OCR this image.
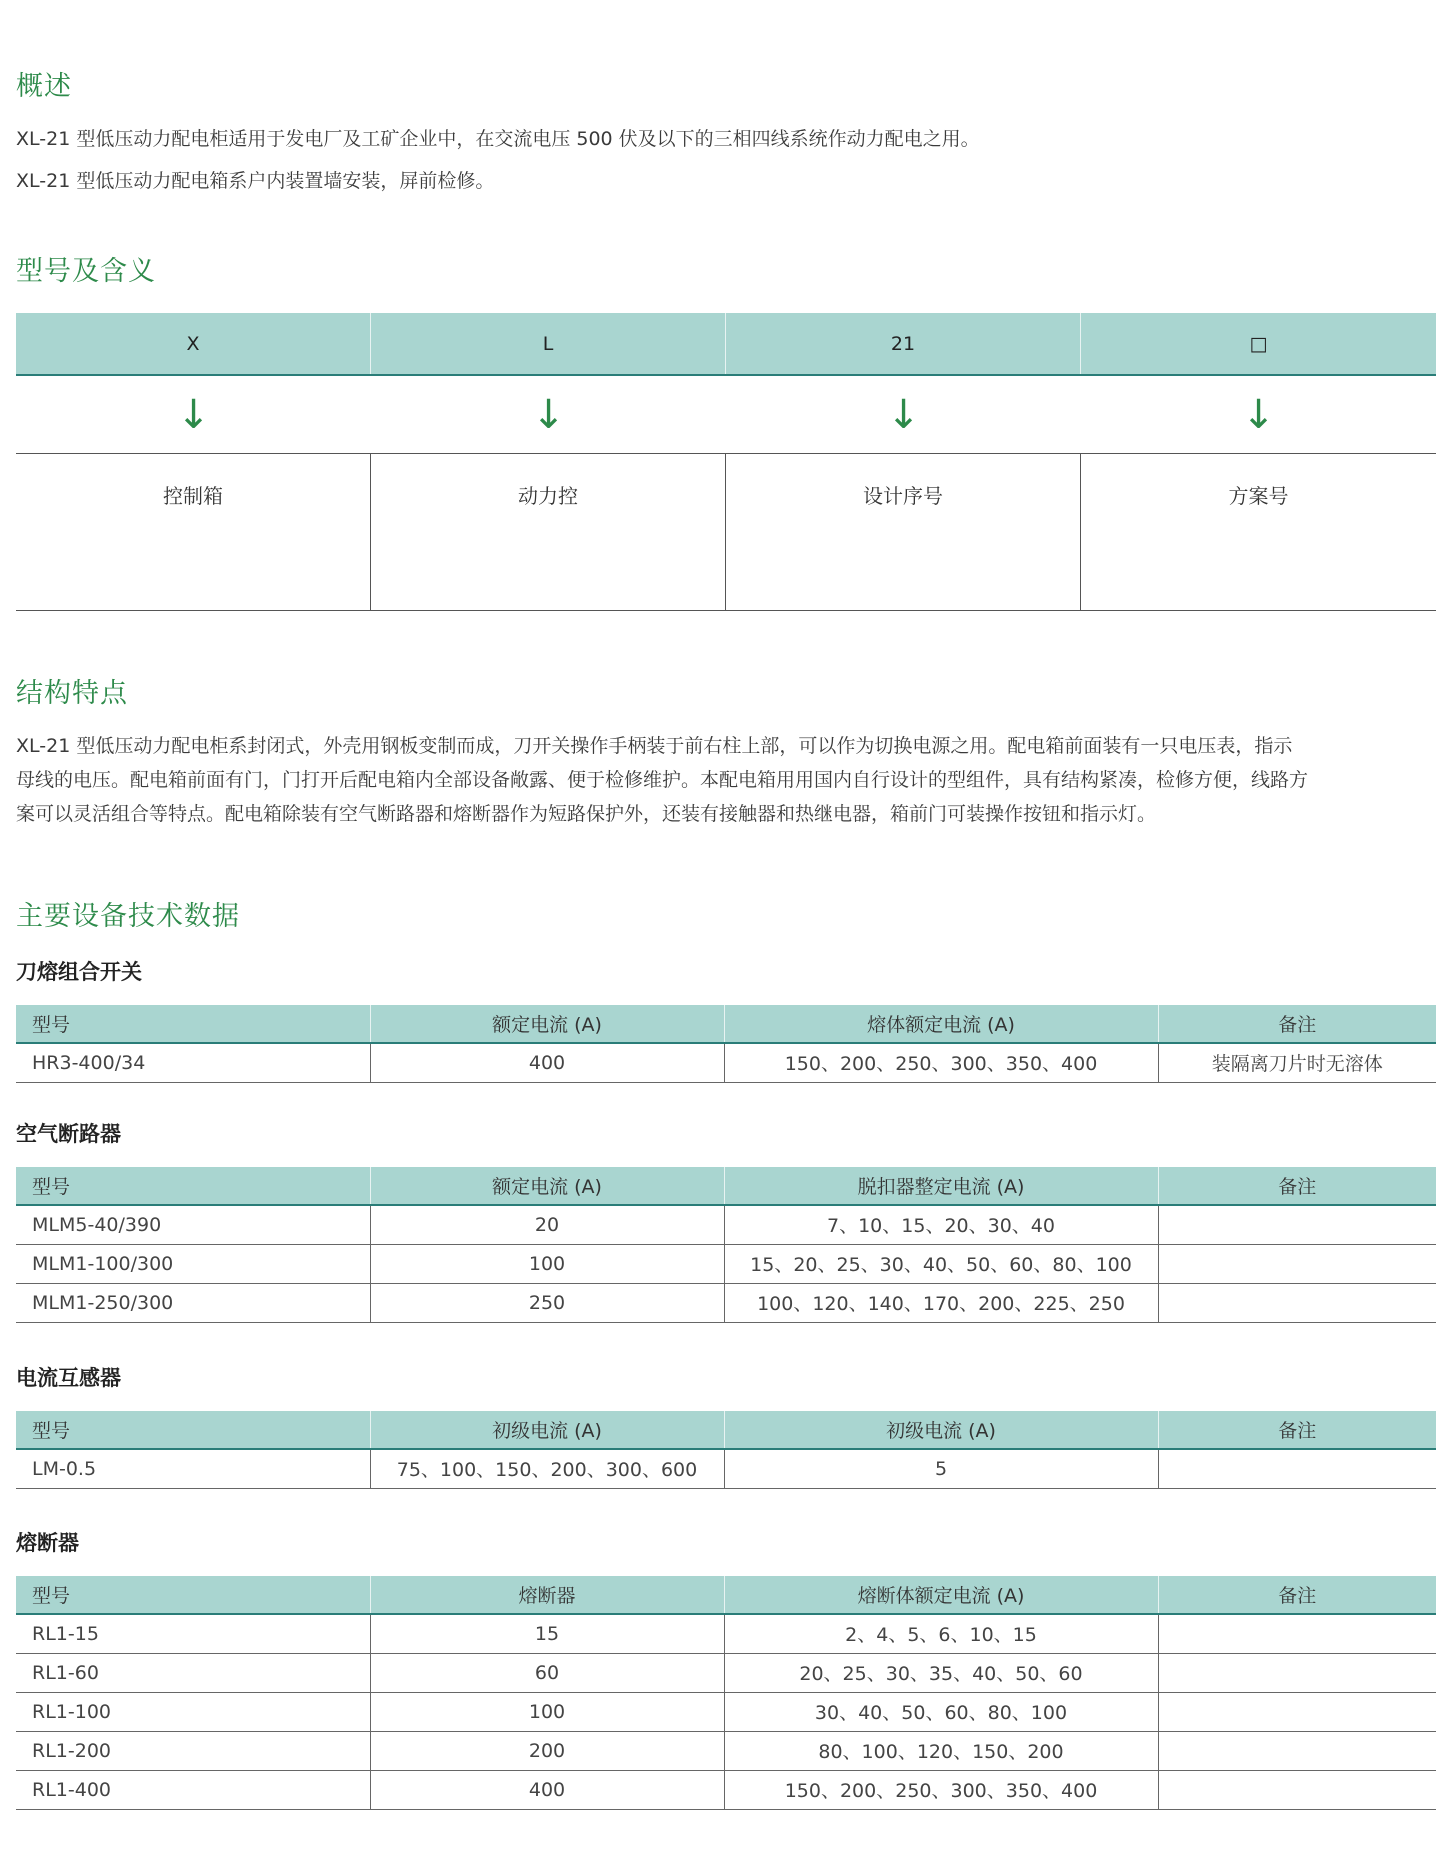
概述

XL-21 型低压动力配电柜适用于发电厂及工矿企业中，在交流电压 500 伏及以下的三相四线系统作动力配电之用。

XL-21 型低压动力配电箱系户内装置墙安装，屏前检修。

型号及含义
X	L	21	□
↓	↓	↓	↓
控制箱	动力控	设计序号	方案号
结构特点

XL-21 型低压动力配电柜系封闭式，外壳用钢板变制而成，刀开关操作手柄装于前右柱上部，可以作为切换电源之用。配电箱前面装有一只电压表，指示

母线的电压。配电箱前面有门，门打开后配电箱内全部设备敞露、便于检修维护。本配电箱用用国内自行设计的型组件，具有结构紧凑，检修方便，线路方

案可以灵活组合等特点。配电箱除装有空气断路器和熔断器作为短路保护外，还装有接触器和热继电器，箱前门可装操作按钮和指示灯。

主要设备技术数据
刀熔组合开关
型号	额定电流 (A)	熔体额定电流 (A)	备注
HR3-400/34	400	150、200、250、300、350、400	装隔离刀片时无溶体
空气断路器
型号	额定电流 (A)	脱扣器整定电流 (A)	备注
MLM5-40/390	20	7、10、15、20、30、40	
MLM1-100/300	100	15、20、25、30、40、50、60、80、100	
MLM1-250/300	250	100、120、140、170、200、225、250	
电流互感器
型号	初级电流 (A)	初级电流 (A)	备注
LM-0.5	75、100、150、200、300、600	5	
熔断器
型号	熔断器	熔断体额定电流 (A)	备注
RL1-15	15	2、4、5、6、10、15	
RL1-60	60	20、25、30、35、40、50、60	
RL1-100	100	30、40、50、60、80、100	
RL1-200	200	80、100、120、150、200	
RL1-400	400	150、200、250、300、350、400	
